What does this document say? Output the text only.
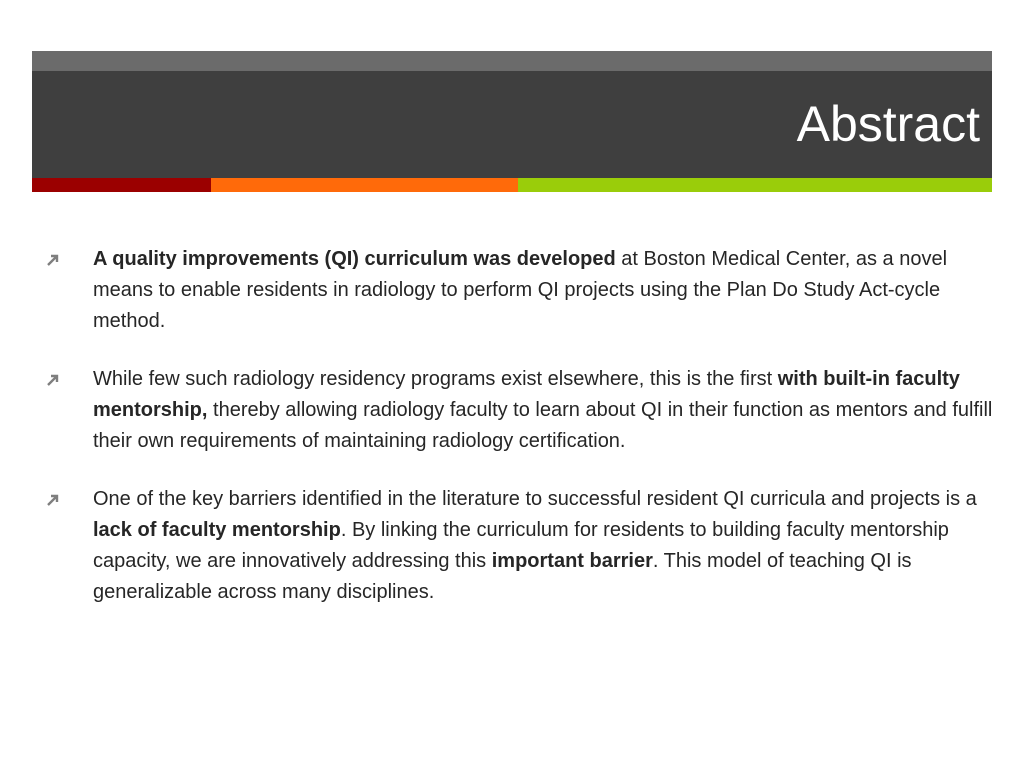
Abstract
A quality improvements (QI) curriculum was developed at Boston Medical Center, as a novel means to enable residents in radiology to perform QI projects using the Plan Do Study Act-cycle method.
While few such radiology residency programs exist elsewhere, this is the first with built-in faculty mentorship, thereby allowing radiology faculty to learn about QI in their function as mentors and fulfill their own requirements of maintaining radiology certification.
One of the key barriers identified in the literature to successful resident QI curricula and projects is a lack of faculty mentorship. By linking the curriculum for residents to building faculty mentorship capacity, we are innovatively addressing this important barrier. This model of teaching QI is generalizable across many disciplines.
